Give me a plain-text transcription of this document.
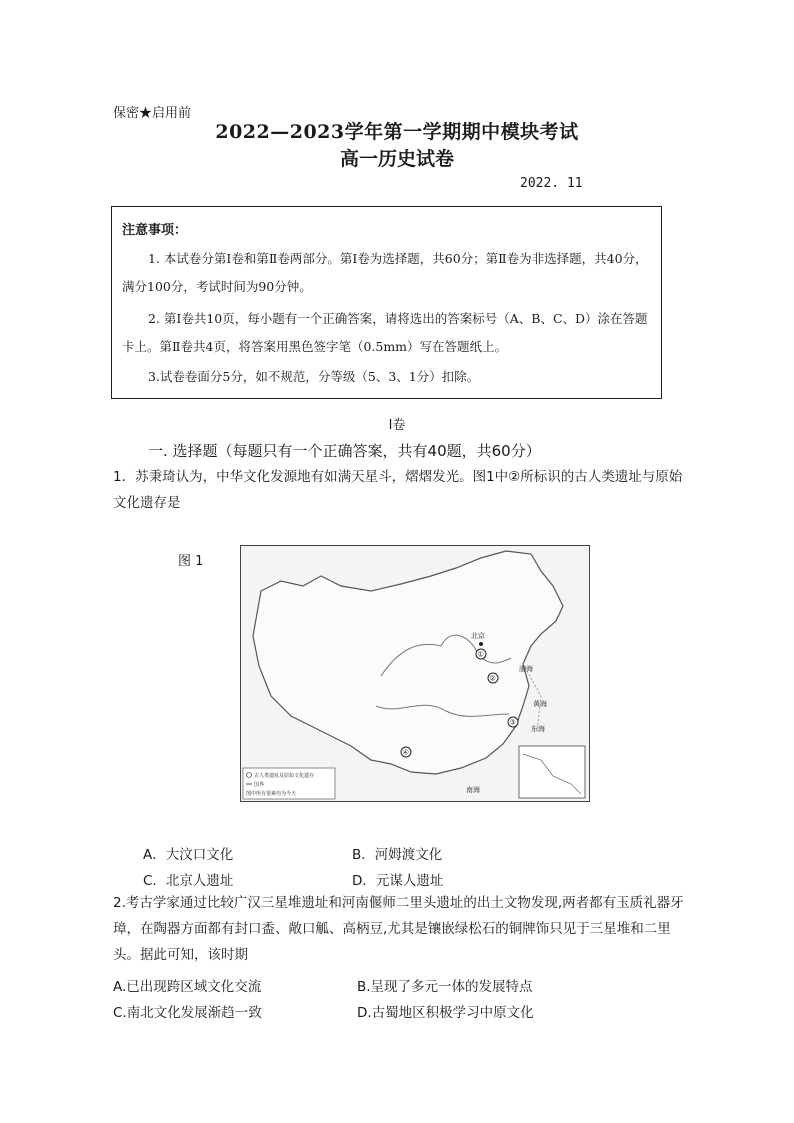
保密★启用前
2022—2023学年第一学期期中模块考试
高一历史试卷
2022. 11
注意事项：
1. 本试卷分第Ⅰ卷和第Ⅱ卷两部分。第Ⅰ卷为选择题，共60分；第Ⅱ卷为非选择题，共40分，满分100分，考试时间为90分钟。
2. 第Ⅰ卷共10页，每小题有一个正确答案，请将选出的答案标号（A、B、C、D）涂在答题卡上。第Ⅱ卷共4页，将答案用黑色签字笔（0.5mm）写在答题纸上。
3.试卷卷面分5分，如不规范，分等级（5、3、1分）扣除。
Ⅰ卷
一. 选择题（每题只有一个正确答案，共有40题，共60分）
1．苏秉琦认为，中华文化发源地有如满天星斗，熠熠发光。图1中②所标识的古人类遗址与原始文化遗存是
图 1
北京
①
②
③
④
渤海
黄海
东海
南海
古人类遗址及原始文化遗存
国界
图中所有要素均为今天
A．大汶口文化	B．河姆渡文化
C．北京人遗址	D．元谋人遗址
2.考古学家通过比较广汉三星堆遗址和河南偃师二里头遗址的出土文物发现,两者都有玉质礼器牙璋，在陶器方面都有封口盉、敞口觚、高柄豆,尤其是镶嵌绿松石的铜牌饰只见于三星堆和二里头。据此可知，该时期
A.已出现跨区域文化交流	B.呈现了多元一体的发展特点
C.南北文化发展渐趋一致	D.古蜀地区积极学习中原文化
